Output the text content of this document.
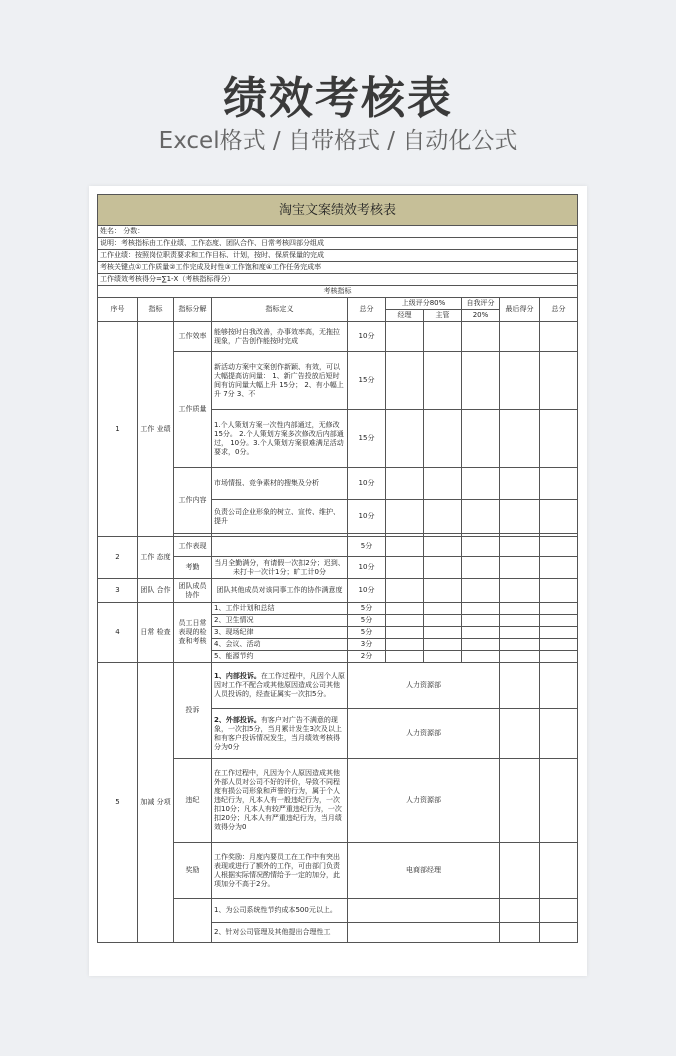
绩效考核表
Excel格式 / 自带格式 / 自动化公式
淘宝文案绩效考核表									
姓名： 分数：									
说明：考核指标由工作业绩、工作态度、团队合作、日常考核四部分组成									
工作业绩：按照岗位职责要求和工作目标、计划，按时、保质保量的完成									
考核关键点①工作质量②工作完成及时性③工作饱和度④工作任务完成率									
工作绩效考核得分=∑1-X（考核指标得分）									
考核指标									
序号	指标	指标分解	指标定义	总分	上级评分80%		自我评分	最后得分	总分
					经理	主管	20%		
1	工作 业绩	工作效率	能够按时自我改善，办事效率高，无拖拉现象，广告创作能按时完成	10分					
		工作质量	新活动方案中文案创作新颖、有效，可以大幅提高访问量： 1、新广告投放后短时间有访问量大幅上升 15分； 2、有小幅上升 7分 3、不	15分					
			1.个人策划方案一次性内部通过，无修改 15分。 2.个人策划方案多次修改后内部通过， 10分。3.个人策划方案很难满足活动要求，0分。	15分					
		工作内容	市场情报、竞争素材的搜集及分析	10分					
			负责公司企业形象的树立、宣传、维护、提升	10分					

2	工作 态度	工作表现		5分					
		考勤	当月全勤满分，有请假一次扣2分；迟到、未打卡一次计1分；旷工计0分	10分					
3	团队 合作	团队成员协作	团队其他成员对该同事工作的协作满意度	10分					
4	日常 检查	员工日常表现的检查和考核	1、工作计划和总结	5分					
			2、卫生情况	5分					
			3、现场纪律	5分					
			4、会议、活动	3分					
			5、能源节约	2分					
5	加减 分项	投诉	1、内部投诉。在工作过程中，凡因个人原因对工作不配合或其他原因造成公司其他人员投诉的，经查证属实一次扣5分。	人力资源部					
			2、外部投诉。有客户对广告不满意的现象，一次扣5分，当月累计发生3次及以上和有客户投诉情况发生，当月绩效考核得分为0分	人力资源部					
		违纪	在工作过程中，凡因为个人原因造成其他外部人员对公司不好的评价，导致不同程度有损公司形象和声誉的行为，属于个人违纪行为，凡本人有一般违纪行为，一次扣10分；凡本人有较严重违纪行为，一次扣20分；凡本人有严重违纪行为，当月绩效得分为0	人力资源部					
		奖励	工作奖励：月度内要员工在工作中有突出表现或进行了额外的工作，可由部门负责人根据实际情况酌情给予一定的加分，此项加分不高于2分。	电商部经理					
			1、为公司系统性节约成本500元以上。						
			2、针对公司管理及其他提出合理性工						
